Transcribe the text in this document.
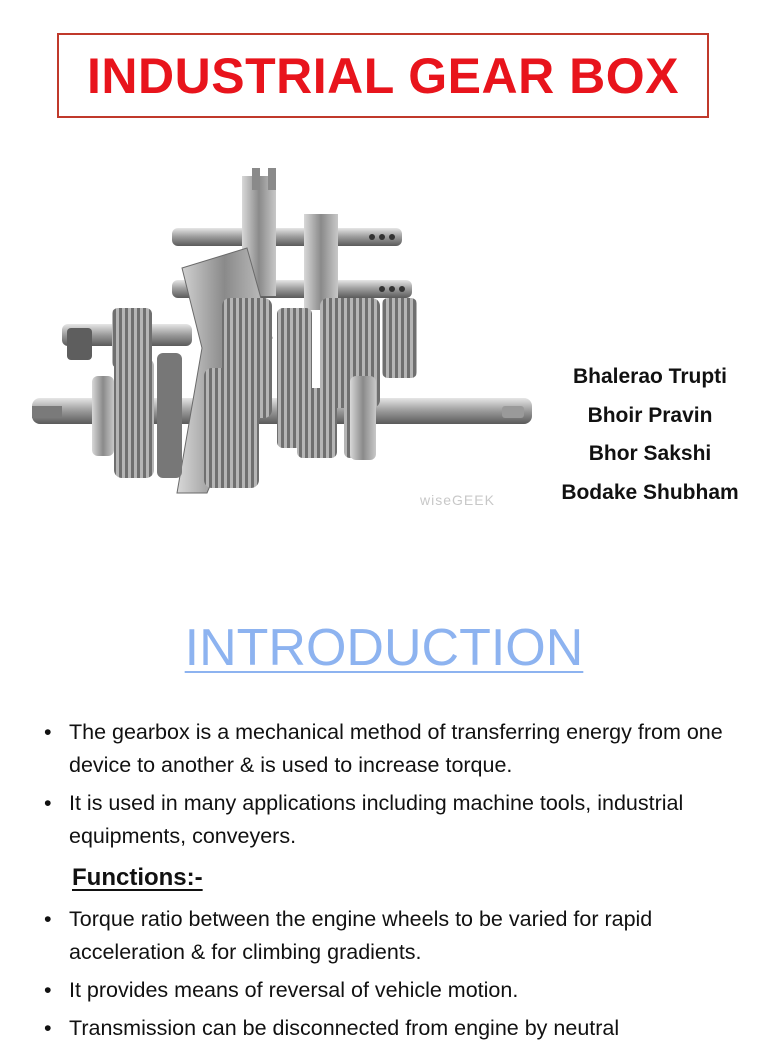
INDUSTRIAL GEAR BOX
wiseGEEK
Bhalerao Trupti
Bhoir Pravin
Bhor Sakshi
Bodake Shubham
INTRODUCTION
• The gearbox is a mechanical method of transferring energy from one device to another & is used to increase torque.
• It is used in many applications including machine tools, industrial equipments, conveyers.
Functions:-
• Torque ratio between the engine wheels to be varied for rapid acceleration & for climbing gradients.
• It provides means of reversal of vehicle motion.
• Transmission can be disconnected from engine by neutral
